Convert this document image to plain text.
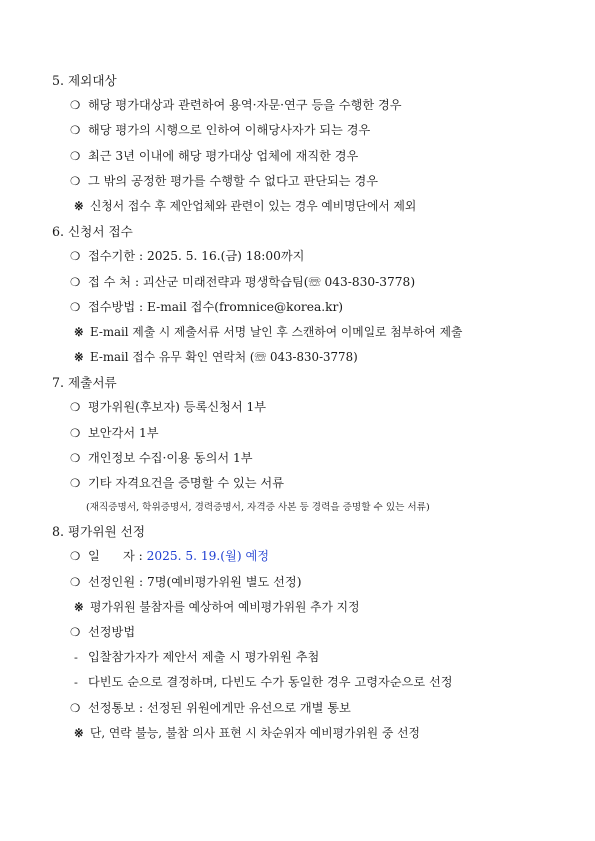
5. 제외대상
❍ 해당 평가대상과 관련하여 용역·자문·연구 등을 수행한 경우
❍ 해당 평가의 시행으로 인하여 이해당사자가 되는 경우
❍ 최근 3년 이내에 해당 평가대상 업체에 재직한 경우
❍ 그 밖의 공정한 평가를 수행할 수 없다고 판단되는 경우
※ 신청서 접수 후 제안업체와 관련이 있는 경우 예비명단에서 제외
6. 신청서 접수
❍ 접수기한 : 2025. 5. 16.(금) 18:00까지
❍ 접 수 처 : 괴산군 미래전략과 평생학습팀(☏ 043-830-3778)
❍ 접수방법 : E-mail 접수(fromnice@korea.kr)
※ E-mail 제출 시 제출서류 서명 날인 후 스캔하여 이메일로 첨부하여 제출
※ E-mail 접수 유무 확인 연락처 (☏ 043-830-3778)
7. 제출서류
❍ 평가위원(후보자) 등록신청서 1부
❍ 보안각서 1부
❍ 개인정보 수집·이용 동의서 1부
❍ 기타 자격요건을 증명할 수 있는 서류
(재직증명서, 학위증명서, 경력증명서, 자격증 사본 등 경력을 증명할 수 있는 서류)
8. 평가위원 선정
❍ 일      자 : 2025. 5. 19.(월) 예정
❍ 선정인원 : 7명(예비평가위원 별도 선정)
※ 평가위원 불참자를 예상하여 예비평가위원 추가 지정
❍ 선정방법
- 입찰참가자가 제안서 제출 시 평가위원 추첨
- 다빈도 순으로 결정하며, 다빈도 수가 동일한 경우 고령자순으로 선정
❍ 선정통보 : 선정된 위원에게만 유선으로 개별 통보
※ 단, 연락 불능, 불참 의사 표현 시 차순위자 예비평가위원 중 선정
